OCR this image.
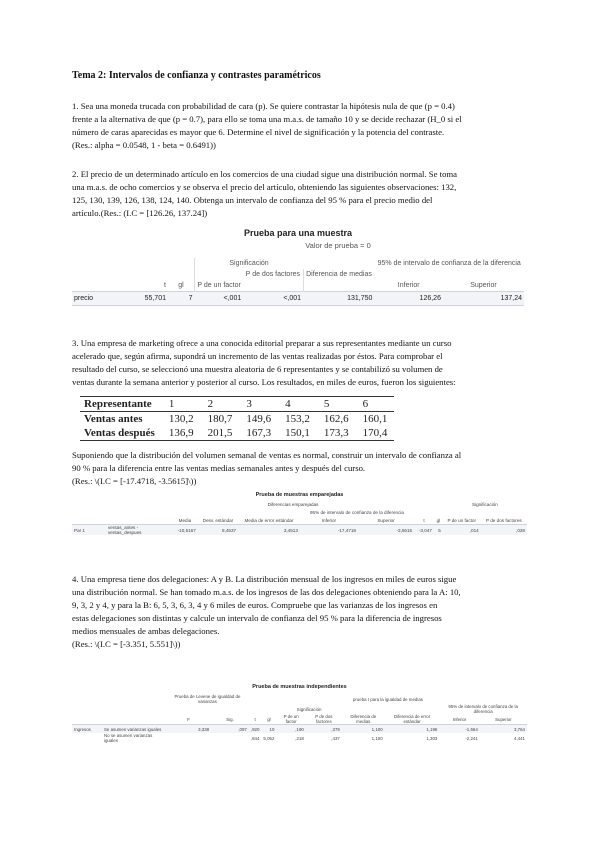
Tema 2: Intervalos de confianza y contrastes paramétricos
1. Sea una moneda trucada con probabilidad de cara (p). Se quiere contrastar la hipótesis nula de que (p = 0.4)
frente a la alternativa de que (p = 0.7), para ello se toma una m.a.s. de tamaño 10 y se decide rechazar (H_0 si el
número de caras aparecidas es mayor que 6. Determine el nivel de significación y la potencia del contraste.
(Res.: alpha = 0.0548, 1 - beta = 0.6491))
2. El precio de un determinado artículo en los comercios de una ciudad sigue una distribución normal. Se toma
una m.a.s. de ocho comercios y se observa el precio del artículo, obteniendo las siguientes observaciones: 132,
125, 130, 139, 126, 138, 124, 140. Obtenga un intervalo de confianza del 95 % para el precio medio del
artículo.(Res.: (I.C = [126.26, 137.24])
Prueba para una muestra
Valor de prueba = 0
			Significación			95% de intervalo de confianza de la diferencia	
				P de dos factores	Diferencia de medias		
	t	gl	P de un factor			Inferior	Superior
precio	55,701	7	<,001	<,001	131,750	126,26	137,24
3. Una empresa de marketing ofrece a una conocida editorial preparar a sus representantes mediante un curso
acelerado que, según afirma, supondrá un incremento de las ventas realizadas por éstos. Para comprobar el
resultado del curso, se seleccionó una muestra aleatoria de 6 representantes y se contabilizó su volumen de
ventas durante la semana anterior y posterior al curso. Los resultados, en miles de euros, fueron los siguientes:
Representante	1	2	3	4	5	6
Ventas antes	130,2	180,7	149,6	153,2	162,6	160,1
Ventas después	136,9	201,5	167,3	150,1	173,3	170,4
Suponiendo que la distribución del volumen semanal de ventas es normal, construir un intervalo de confianza al
90 % para la diferencia entre las ventas medias semanales antes y después del curso.
(Res.: \(I.C = [-17.4718, -3.5615]\))
Prueba de muestras emparejadas
		Diferencias emparejadas							Significación	
					95% de intervalo de confianza de la diferencia					
		Media	Desv. estándar	Media de error estándar	Inferior	Superior	t	gl	P de un factor	P de dos factores
Par 1	ventas_antes - ventas_despues	-10,5167	8,4537	3,4513	-17,4718	-3,5615	-3,047	5	,014	,028
4. Una empresa tiene dos delegaciones: A y B. La distribución mensual de los ingresos en miles de euros sigue
una distribución normal. Se han tomado m.a.s. de los ingresos de las dos delegaciones obteniendo para la A: 10,
9, 3, 2 y 4, y para la B: 6, 5, 3, 6, 3, 4 y 6 miles de euros. Compruebe que las varianzas de los ingresos en
estas delegaciones son distintas y calcule un intervalo de confianza del 95 % para la diferencia de ingresos
medios mensuales de ambas delegaciones.
(Res.: \(I.C = [-3.351, 5.551]\))
Prueba de muestras independientes
		Prueba de Levene de igualdad de varianzas		prueba t para la igualdad de medias							
						Significación				95% de intervalo de confianza de la diferencia	
		F	Sig.	t	gl	P de un factor	P de dos factores	Diferencia de medias	Diferencia de error estándar	Inferior	Superior
Ingresos	Se asumen varianzas iguales	3,338	,097	,920	10	,190	,379	1,100	1,196	-1,564	3,764
	No se asumen varianzas iguales			,844	5,052	,218	,437	1,100	1,303	-2,241	4,441
